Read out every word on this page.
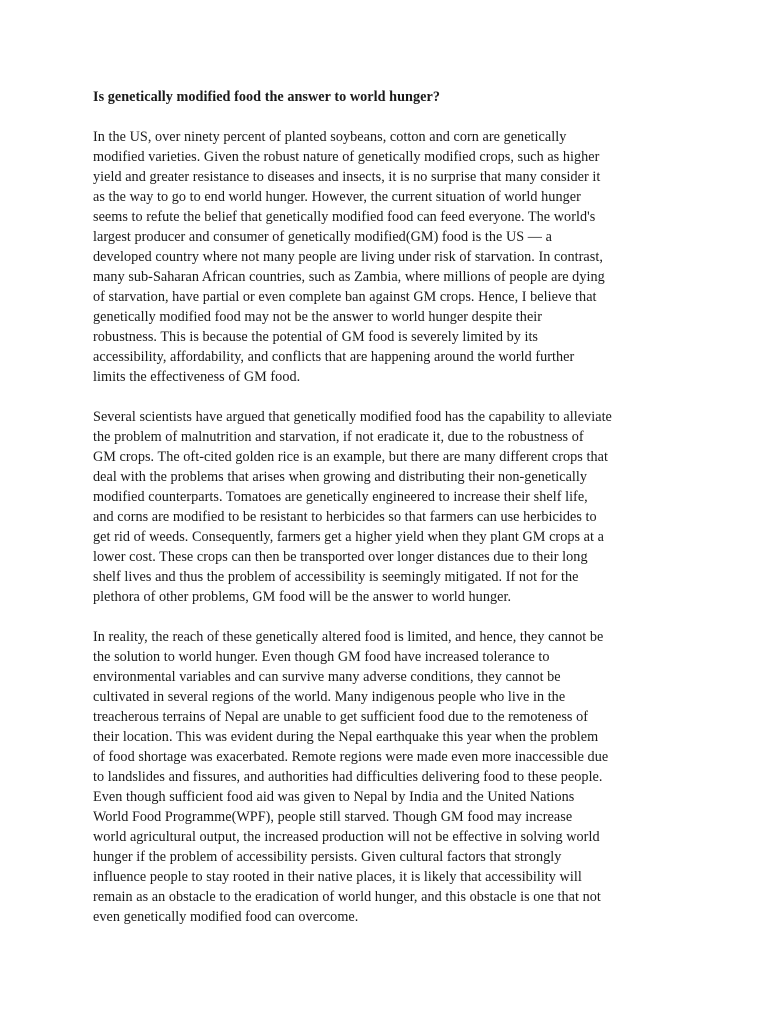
Is genetically modified food the answer to world hunger?
In the US, over ninety percent of planted soybeans, cotton and corn are genetically
modified varieties. Given the robust nature of genetically modified crops, such as higher
yield and greater resistance to diseases and insects, it is no surprise that many consider it
as the way to go to end world hunger. However, the current situation of world hunger
seems to refute the belief that genetically modified food can feed everyone. The world's
largest producer and consumer of genetically modified(GM) food is the US — a
developed country where not many people are living under risk of starvation. In contrast,
many sub-Saharan African countries, such as Zambia, where millions of people are dying
of starvation, have partial or even complete ban against GM crops. Hence, I believe that
genetically modified food may not be the answer to world hunger despite their
robustness. This is because the potential of GM food is severely limited by its
accessibility, affordability, and conflicts that are happening around the world further
limits the effectiveness of GM food.
Several scientists have argued that genetically modified food has the capability to alleviate
the problem of malnutrition and starvation, if not eradicate it, due to the robustness of
GM crops. The oft-cited golden rice is an example, but there are many different crops that
deal with the problems that arises when growing and distributing their non-genetically
modified counterparts. Tomatoes are genetically engineered to increase their shelf life,
and corns are modified to be resistant to herbicides so that farmers can use herbicides to
get rid of weeds. Consequently, farmers get a higher yield when they plant GM crops at a
lower cost. These crops can then be transported over longer distances due to their long
shelf lives and thus the problem of accessibility is seemingly mitigated. If not for the
plethora of other problems, GM food will be the answer to world hunger.
In reality, the reach of these genetically altered food is limited, and hence, they cannot be
the solution to world hunger. Even though GM food have increased tolerance to
environmental variables and can survive many adverse conditions, they cannot be
cultivated in several regions of the world. Many indigenous people who live in the
treacherous terrains of Nepal are unable to get sufficient food due to the remoteness of
their location. This was evident during the Nepal earthquake this year when the problem
of food shortage was exacerbated. Remote regions were made even more inaccessible due
to landslides and fissures, and authorities had difficulties delivering food to these people.
Even though sufficient food aid was given to Nepal by India and the United Nations
World Food Programme(WPF), people still starved. Though GM food may increase
world agricultural output, the increased production will not be effective in solving world
hunger if the problem of accessibility persists. Given cultural factors that strongly
influence people to stay rooted in their native places, it is likely that accessibility will
remain as an obstacle to the eradication of world hunger, and this obstacle is one that not
even genetically modified food can overcome.
